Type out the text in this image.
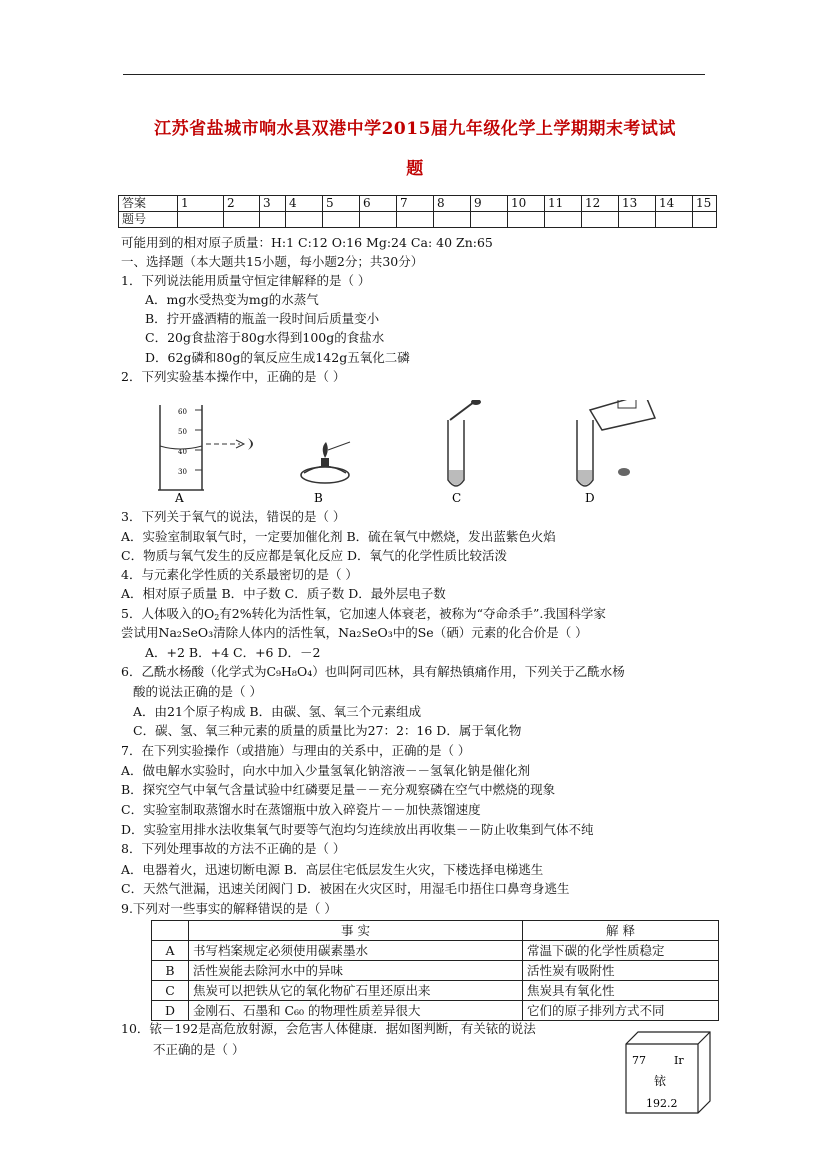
江苏省盐城市响水县双港中学2015届九年级化学上学期期末考试试
题
答案	1	2	3	4	5	6	7	8	9	10	11	12	13	14	15
题号															
可能用到的相对原子质量：H:1 C:12 O:16 Mg:24 Ca: 40 Zn:65
一、选择题（本大题共15小题，每小题2分；共30分）
1．下列说法能用质量守恒定律解释的是（ ）
A．mg水受热变为mg的水蒸气
B．拧开盛酒精的瓶盖一段时间后质量变小
C．20g食盐溶于80g水得到100g的食盐水
D．62g磷和80g的氧反应生成142g五氧化二磷
2．下列实验基本操作中，正确的是（ ）
60
50
40
30
A	B	C	D
3．下列关于氧气的说法，错误的是（ ）
A．实验室制取氧气时，一定要加催化剂 B．硫在氧气中燃烧，发出蓝紫色火焰
C．物质与氧气发生的反应都是氧化反应 D．氧气的化学性质比较活泼
4．与元素化学性质的关系最密切的是（ ）
A．相对原子质量 B．中子数 C．质子数 D．最外层电子数
5．人体吸入的$O_2$有2%转化为活性氧，它加速人体衰老，被称为“夺命杀手”.我国科学家
尝试用Na₂SeO₃清除人体内的活性氧，Na₂SeO₃中的Se（硒）元素的化合价是（ ）
A．+2 B．+4 C．+6 D．－2
6．乙酰水杨酸（化学式为C₉H₈O₄）也叫阿司匹林，具有解热镇痛作用，下列关于乙酰水杨
酸的说法正确的是（ ）
A．由21个原子构成 B．由碳、氢、氧三个元素组成
C．碳、氢、氧三种元素的质量的质量比为27：2：16 D．属于氧化物
7．在下列实验操作（或措施）与理由的关系中，正确的是（ ）
A．做电解水实验时，向水中加入少量氢氧化钠溶液－－氢氧化钠是催化剂
B．探究空气中氧气含量试验中红磷要足量－－充分观察磷在空气中燃烧的现象
C．实验室制取蒸馏水时在蒸馏瓶中放入碎瓷片－－加快蒸馏速度
D．实验室用排水法收集氧气时要等气泡均匀连续放出再收集－－防止收集到气体不纯
8．下列处理事故的方法不正确的是（ ）
A．电器着火，迅速切断电源 B．高层住宅低层发生火灾，下楼选择电梯逃生
C．天然气泄漏，迅速关闭阀门 D．被困在火灾区时，用湿毛巾捂住口鼻弯身逃生
9.下列对一些事实的解释错误的是（ ）
	事 实	解 释
A	书写档案规定必须使用碳素墨水	常温下碳的化学性质稳定
B	活性炭能去除河水中的异味	活性炭有吸附性
C	焦炭可以把铁从它的氧化物矿石里还原出来	焦炭具有氧化性
D	金刚石、石墨和 C₆₀ 的物理性质差异很大	它们的原子排列方式不同
10．铱－192是高危放射源，会危害人体健康．据如图判断，有关铱的说法
不正确的是（ ）
77	Ir
铱
192.2
